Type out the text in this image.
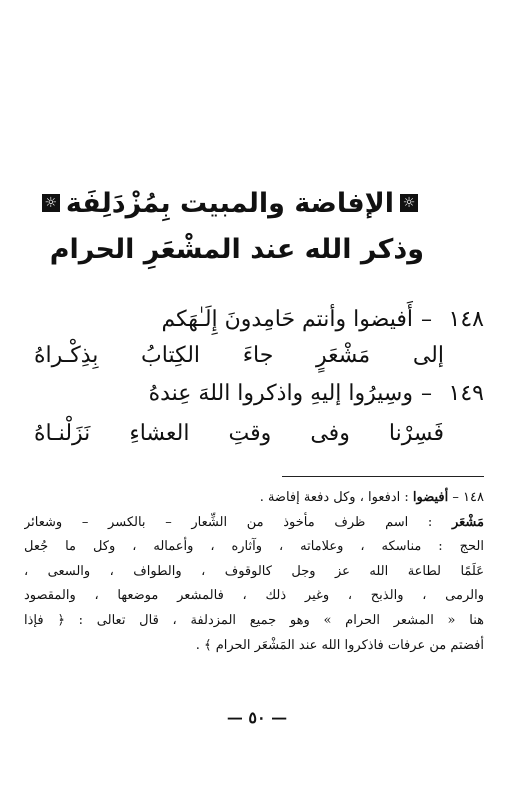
☼الإفاضة والمبيت بِمُزْدَلِفَة☼
وذكر الله عند المشْعَرِ الحرام
١٤٨–أَفيضوا وأنتم حَامِدونَ إِلَـٰهَكم
إلى مَشْعَرٍ جاءَ الكِتابُ بِذِكْـراهُ
١٤٩–وسِيرُوا إليهِ واذكروا اللهَ عِندهُ
فَسِرْنا وفى وقتِ العشاءِ نَزَلْنـاهُ
١٤٨ – أفيضوا : ادفعوا ، وكل دفعة إفاضة .
مَشْعَر : اسم ظرف مأخوذ من الشِّعار – بالكسر – وشعائر
الحج : مناسكه ، وعلاماته ، وآثاره ، وأعماله ، وكل ما جُعل
عَلَمًا لطاعة الله عز وجل كالوقوف ، والطواف ، والسعى ،
والرمى ، والذبح ، وغير ذلك ، فالمشعر موضعها ، والمقصود
هنا « المشعر الحرام » وهو جميع المزدلفة ، قال تعالى : ﴿ فإذا
أفضتم من عرفات فاذكروا الله عند المَشْعَر الحرام ﴾ .
— ٥٠ —
